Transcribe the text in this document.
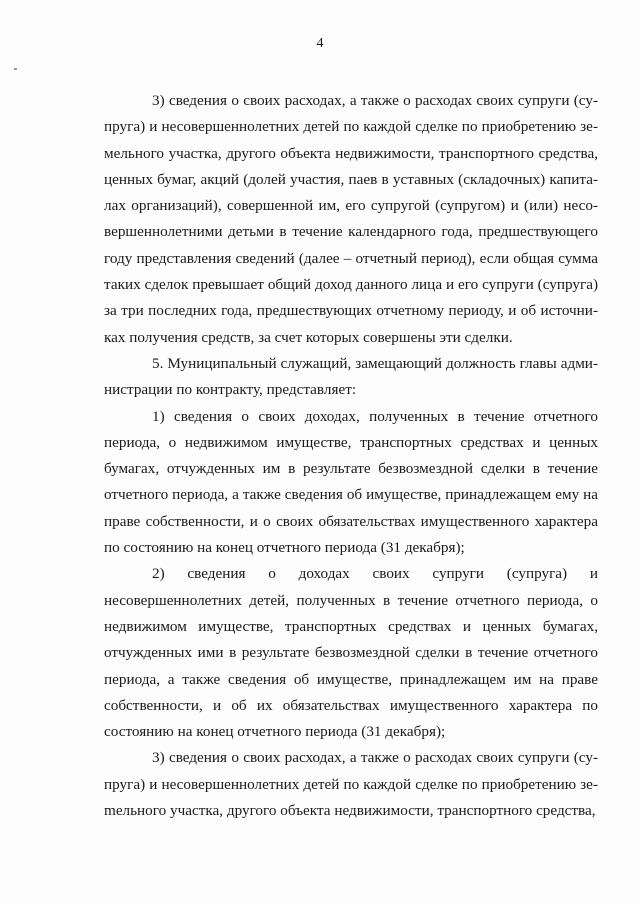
4

3) сведения о своих расходах, а также о расходах своих супруги (супруга) и несовершеннолетних детей по каждой сделке по приобретению земельного участка, другого объекта недвижимости, транспортного средства, ценных бумаг, акций (долей участия, паев в уставных (складочных) капиталах организаций), совершенной им, его супругой (супругом) и (или) несовершеннолетними детьми в течение календарного года, предшествующего году представления сведений (далее – отчетный период), если общая сумма таких сделок превышает общий доход данного лица и его супруги (супруга) за три последних года, предшествующих отчетному периоду, и об источниках получения средств, за счет которых совершены эти сделки.

5. Муниципальный служащий, замещающий должность главы администрации по контракту, представляет:

1) сведения о своих доходах, полученных в течение отчетного периода, о недвижимом имуществе, транспортных средствах и ценных бумагах, отчужденных им в результате безвозмездной сделки в течение отчетного периода, а также сведения об имуществе, принадлежащем ему на праве собственности, и о своих обязательствах имущественного характера по состоянию на конец отчетного периода (31 декабря);

2) сведения о доходах своих супруги (супруга) и несовершеннолетних детей, полученных в течение отчетного периода, о недвижимом имуществе, транспортных средствах и ценных бумагах, отчужденных ими в результате безвозмездной сделки в течение отчетного периода, а также сведения об имуществе, принадлежащем им на праве собственности, и об их обязательствах имущественного характера по состоянию на конец отчетного периода (31 декабря);

3) сведения о своих расходах, а также о расходах своих супруги (супруга) и несовершеннолетних детей по каждой сделке по приобретению зеmельного участка, другого объекта недвижимости, транспортного средства,
